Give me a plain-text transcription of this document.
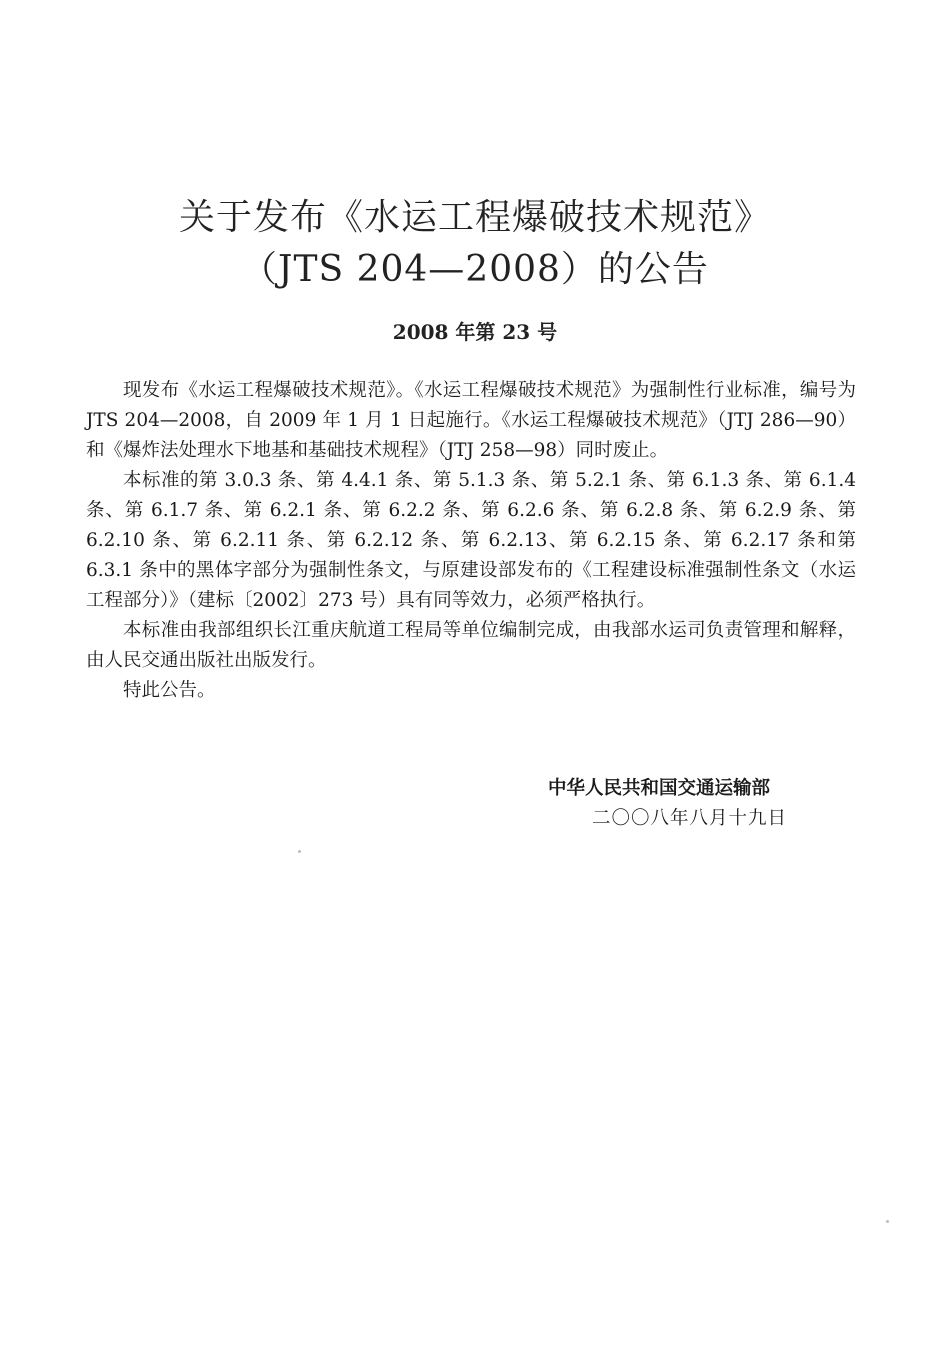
关于发布《水运工程爆破技术规范》
（JTS 204—2008）的公告
2008 年第 23 号

现发布《水运工程爆破技术规范》。《水运工程爆破技术规范》为强制性行业标准，编号为 JTS 204—2008，自 2009 年 1 月 1 日起施行。《水运工程爆破技术规范》（JTJ 286—90）和《爆炸法处理水下地基和基础技术规程》（JTJ 258—98）同时废止。

本标准的第 3.0.3 条、第 4.4.1 条、第 5.1.3 条、第 5.2.1 条、第 6.1.3 条、第 6.1.4 条、第 6.1.7 条、第 6.2.1 条、第 6.2.2 条、第 6.2.6 条、第 6.2.8 条、第 6.2.9 条、第6.2.10 条、第 6.2.11 条、第 6.2.12 条、第 6.2.13、第 6.2.15 条、第 6.2.17 条和第 6.3.1 条中的黑体字部分为强制性条文，与原建设部发布的《工程建设标准强制性条文（水运工程部分）》（建标〔2002〕273 号）具有同等效力，必须严格执行。

本标准由我部组织长江重庆航道工程局等单位编制完成，由我部水运司负责管理和解释，由人民交通出版社出版发行。

特此公告。

中华人民共和国交通运输部
二〇〇八年八月十九日
